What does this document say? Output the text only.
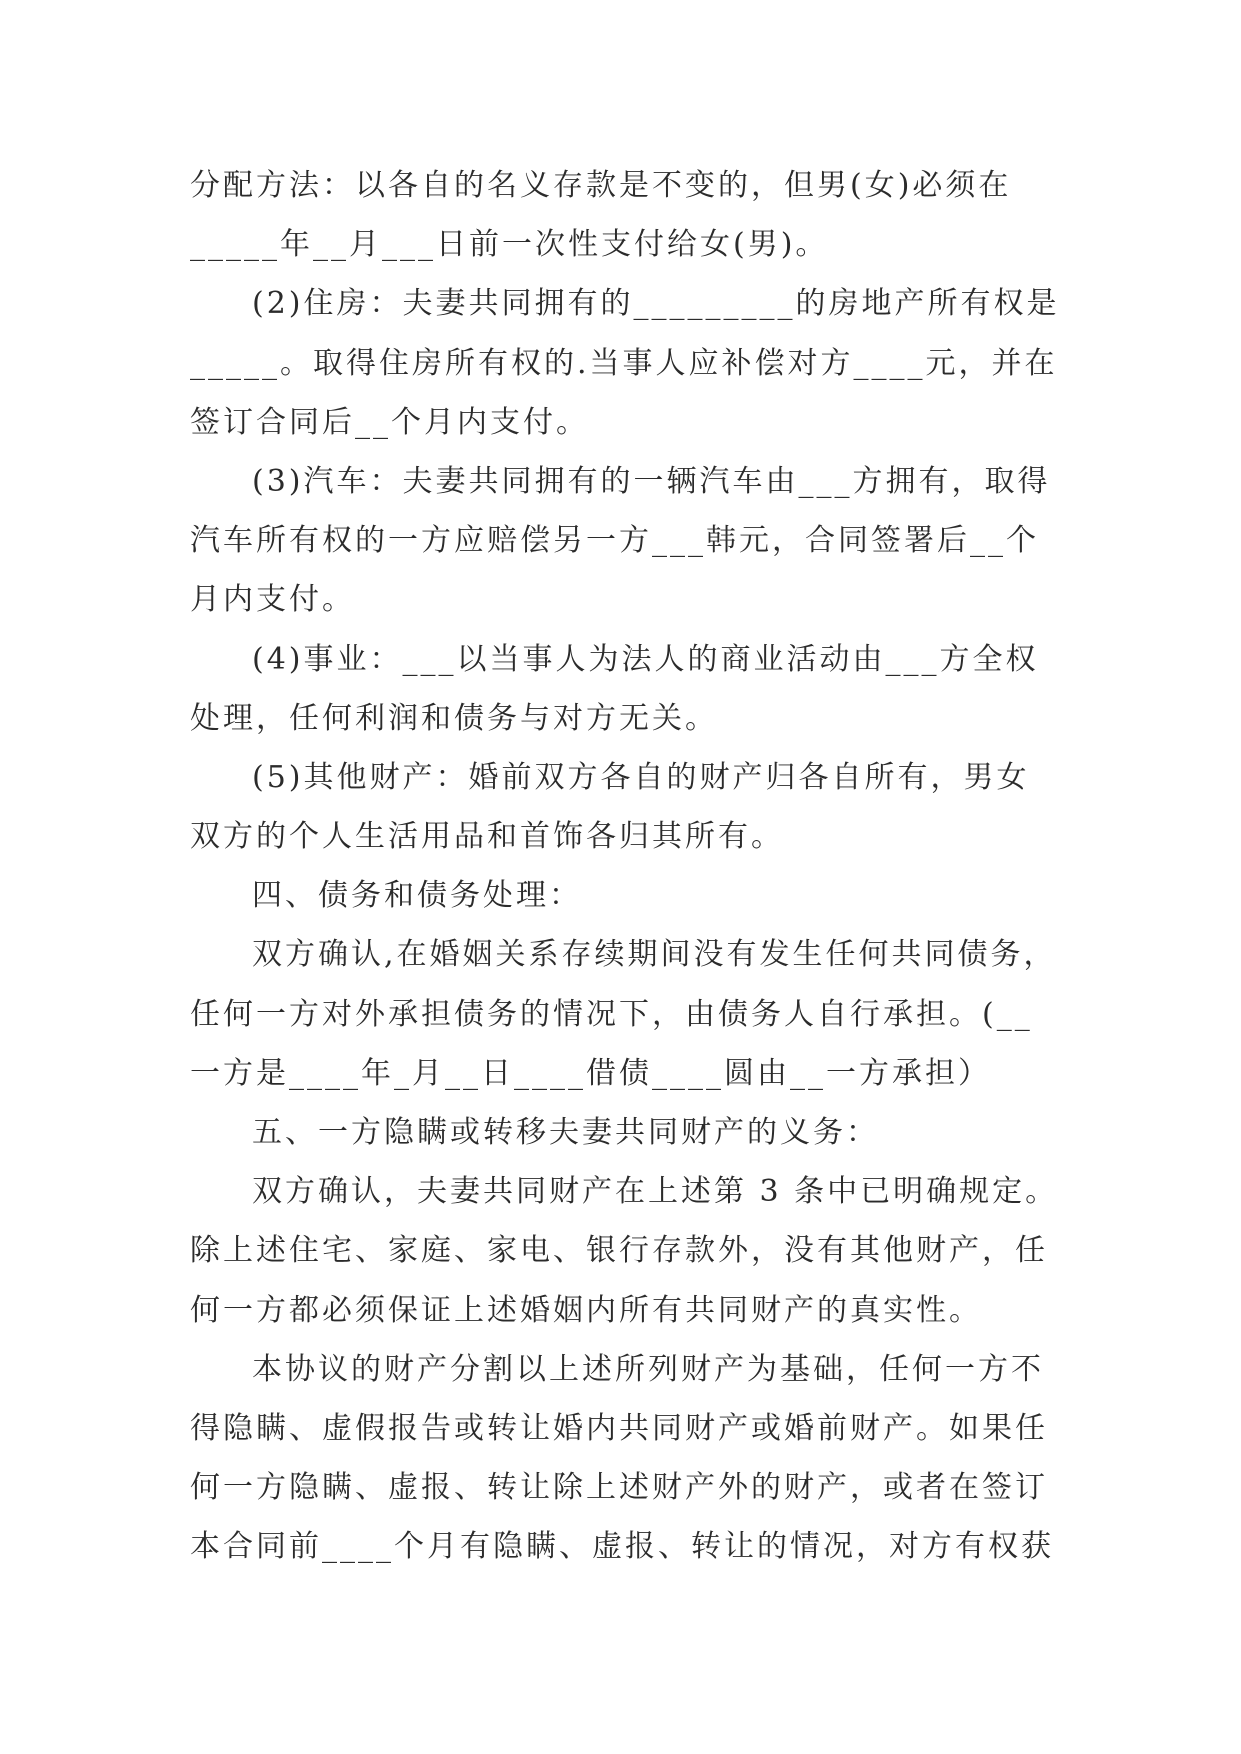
分配方法：以各自的名义存款是不变的，但男(女)必须在
_____年__月___日前一次性支付给女(男)。
(2)住房：夫妻共同拥有的_________的房地产所有权是
_____。取得住房所有权的.当事人应补偿对方____元，并在
签订合同后__个月内支付。
(3)汽车：夫妻共同拥有的一辆汽车由___方拥有，取得
汽车所有权的一方应赔偿另一方___韩元，合同签署后__个
月内支付。
(4)事业：___以当事人为法人的商业活动由___方全权
处理，任何利润和债务与对方无关。
(5)其他财产：婚前双方各自的财产归各自所有，男女
双方的个人生活用品和首饰各归其所有。
四、债务和债务处理：
双方确认,在婚姻关系存续期间没有发生任何共同债务，
任何一方对外承担债务的情况下，由债务人自行承担。(__
一方是____年_月__日____借债____圆由__一方承担）
五、一方隐瞒或转移夫妻共同财产的义务：
双方确认，夫妻共同财产在上述第 3 条中已明确规定。
除上述住宅、家庭、家电、银行存款外，没有其他财产，任
何一方都必须保证上述婚姻内所有共同财产的真实性。
本协议的财产分割以上述所列财产为基础，任何一方不
得隐瞒、虚假报告或转让婚内共同财产或婚前财产。如果任
何一方隐瞒、虚报、转让除上述财产外的财产，或者在签订
本合同前____个月有隐瞒、虚报、转让的情况，对方有权获
